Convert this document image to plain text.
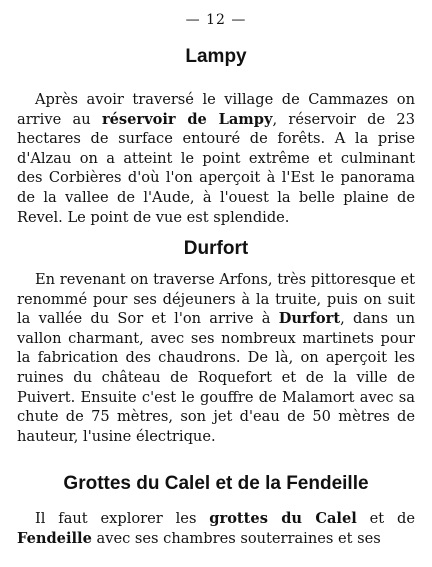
— 12 —
Lampy

Après avoir traversé le village de Cammazes on arrive au réservoir de Lampy, réservoir de 23 hectares de surface entouré de forêts. A la prise d'Alzau on a atteint le point extrême et culminant des Corbières d'où l'on aperçoit à l'Est le panorama de la vallee de l'Aude, à l'ouest la belle plaine de Revel. Le point de vue est splendide.

Durfort

En revenant on traverse Arfons, très pittoresque et renommé pour ses déjeuners à la truite, puis on suit la vallée du Sor et l'on arrive à Durfort, dans un vallon charmant, avec ses nombreux martinets pour la fabrication des chaudrons. De là, on aperçoit les ruines du château de Roquefort et de la ville de Puivert. Ensuite c'est le gouffre de Malamort avec sa chute de 75 mètres, son jet d'eau de 50 mètres de hauteur, l'usine électrique.

Grottes du Calel et de la Fendeille

Il faut explorer les grottes du Calel et de Fendeille avec ses chambres souterraines et ses
